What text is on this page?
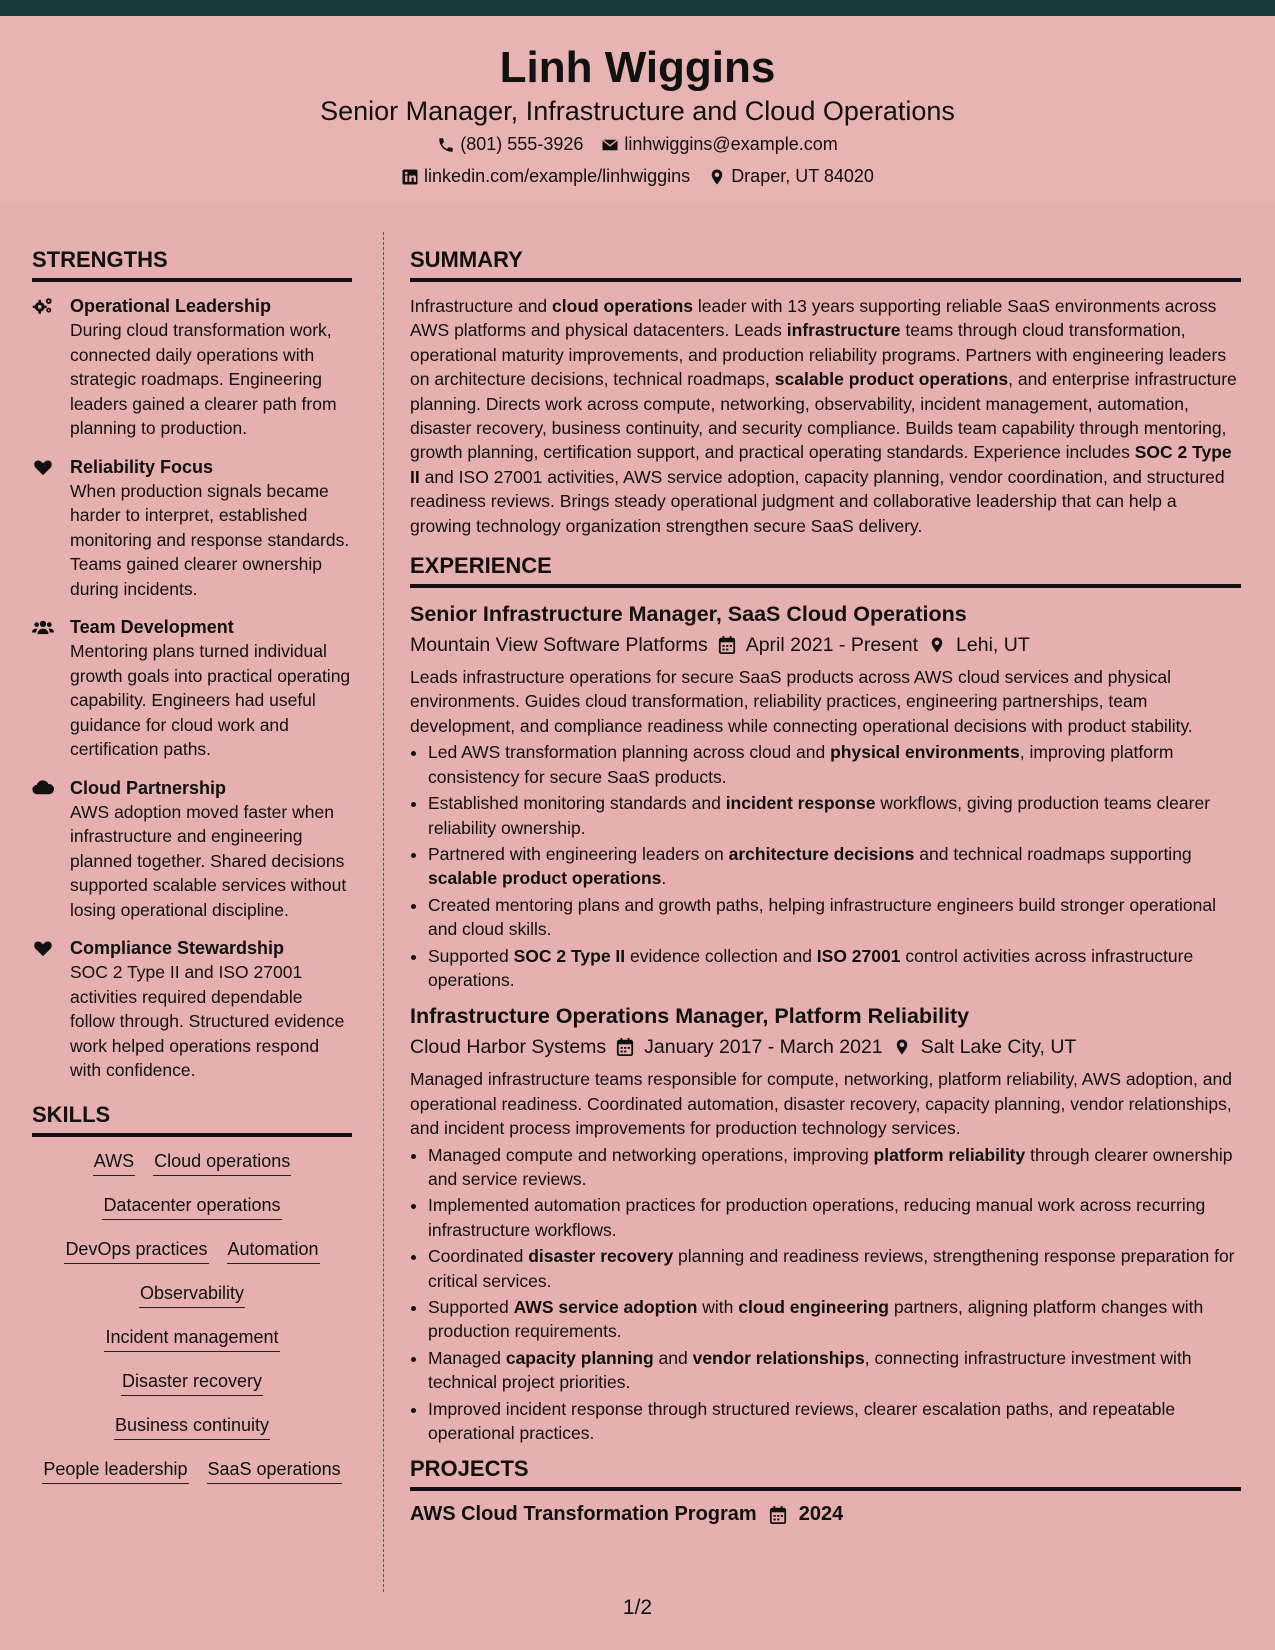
Linh Wiggins
Senior Manager, Infrastructure and Cloud Operations
(801) 555-3926 linhwiggins@example.com
linkedin.com/example/linhwiggins Draper, UT 84020
STRENGTHS
Operational Leadership
During cloud transformation work, connected daily operations with strategic roadmaps. Engineering leaders gained a clearer path from planning to production.
Reliability Focus
When production signals became harder to interpret, established monitoring and response standards. Teams gained clearer ownership during incidents.
Team Development
Mentoring plans turned individual growth goals into practical operating capability. Engineers had useful guidance for cloud work and certification paths.
Cloud Partnership
AWS adoption moved faster when infrastructure and engineering planned together. Shared decisions supported scalable services without losing operational discipline.
Compliance Stewardship
SOC 2 Type II and ISO 27001 activities required dependable follow through. Structured evidence work helped operations respond with confidence.
SKILLS
AWS Cloud operations
Datacenter operations
DevOps practices Automation
Observability
Incident management
Disaster recovery
Business continuity
People leadership SaaS operations
SUMMARY
Infrastructure and cloud operations leader with 13 years supporting reliable SaaS environments across AWS platforms and physical datacenters. Leads infrastructure teams through cloud transformation, operational maturity improvements, and production reliability programs. Partners with engineering leaders on architecture decisions, technical roadmaps, scalable product operations, and enterprise infrastructure planning. Directs work across compute, networking, observability, incident management, automation, disaster recovery, business continuity, and security compliance. Builds team capability through mentoring, growth planning, certification support, and practical operating standards. Experience includes SOC 2 Type II and ISO 27001 activities, AWS service adoption, capacity planning, vendor coordination, and structured readiness reviews. Brings steady operational judgment and collaborative leadership that can help a growing technology organization strengthen secure SaaS delivery.
EXPERIENCE
Senior Infrastructure Manager, SaaS Cloud Operations
Mountain View Software Platforms April 2021 - Present Lehi, UT
Leads infrastructure operations for secure SaaS products across AWS cloud services and physical environments. Guides cloud transformation, reliability practices, engineering partnerships, team development, and compliance readiness while connecting operational decisions with product stability.
• Led AWS transformation planning across cloud and physical environments, improving platform consistency for secure SaaS products.
• Established monitoring standards and incident response workflows, giving production teams clearer reliability ownership.
• Partnered with engineering leaders on architecture decisions and technical roadmaps supporting scalable product operations.
• Created mentoring plans and growth paths, helping infrastructure engineers build stronger operational and cloud skills.
• Supported SOC 2 Type II evidence collection and ISO 27001 control activities across infrastructure operations.
Infrastructure Operations Manager, Platform Reliability
Cloud Harbor Systems January 2017 - March 2021 Salt Lake City, UT
Managed infrastructure teams responsible for compute, networking, platform reliability, AWS adoption, and operational readiness. Coordinated automation, disaster recovery, capacity planning, vendor relationships, and incident process improvements for production technology services.
• Managed compute and networking operations, improving platform reliability through clearer ownership and service reviews.
• Implemented automation practices for production operations, reducing manual work across recurring infrastructure workflows.
• Coordinated disaster recovery planning and readiness reviews, strengthening response preparation for critical services.
• Supported AWS service adoption with cloud engineering partners, aligning platform changes with production requirements.
• Managed capacity planning and vendor relationships, connecting infrastructure investment with technical project priorities.
• Improved incident response through structured reviews, clearer escalation paths, and repeatable operational practices.
PROJECTS
AWS Cloud Transformation Program 2024
1/2
